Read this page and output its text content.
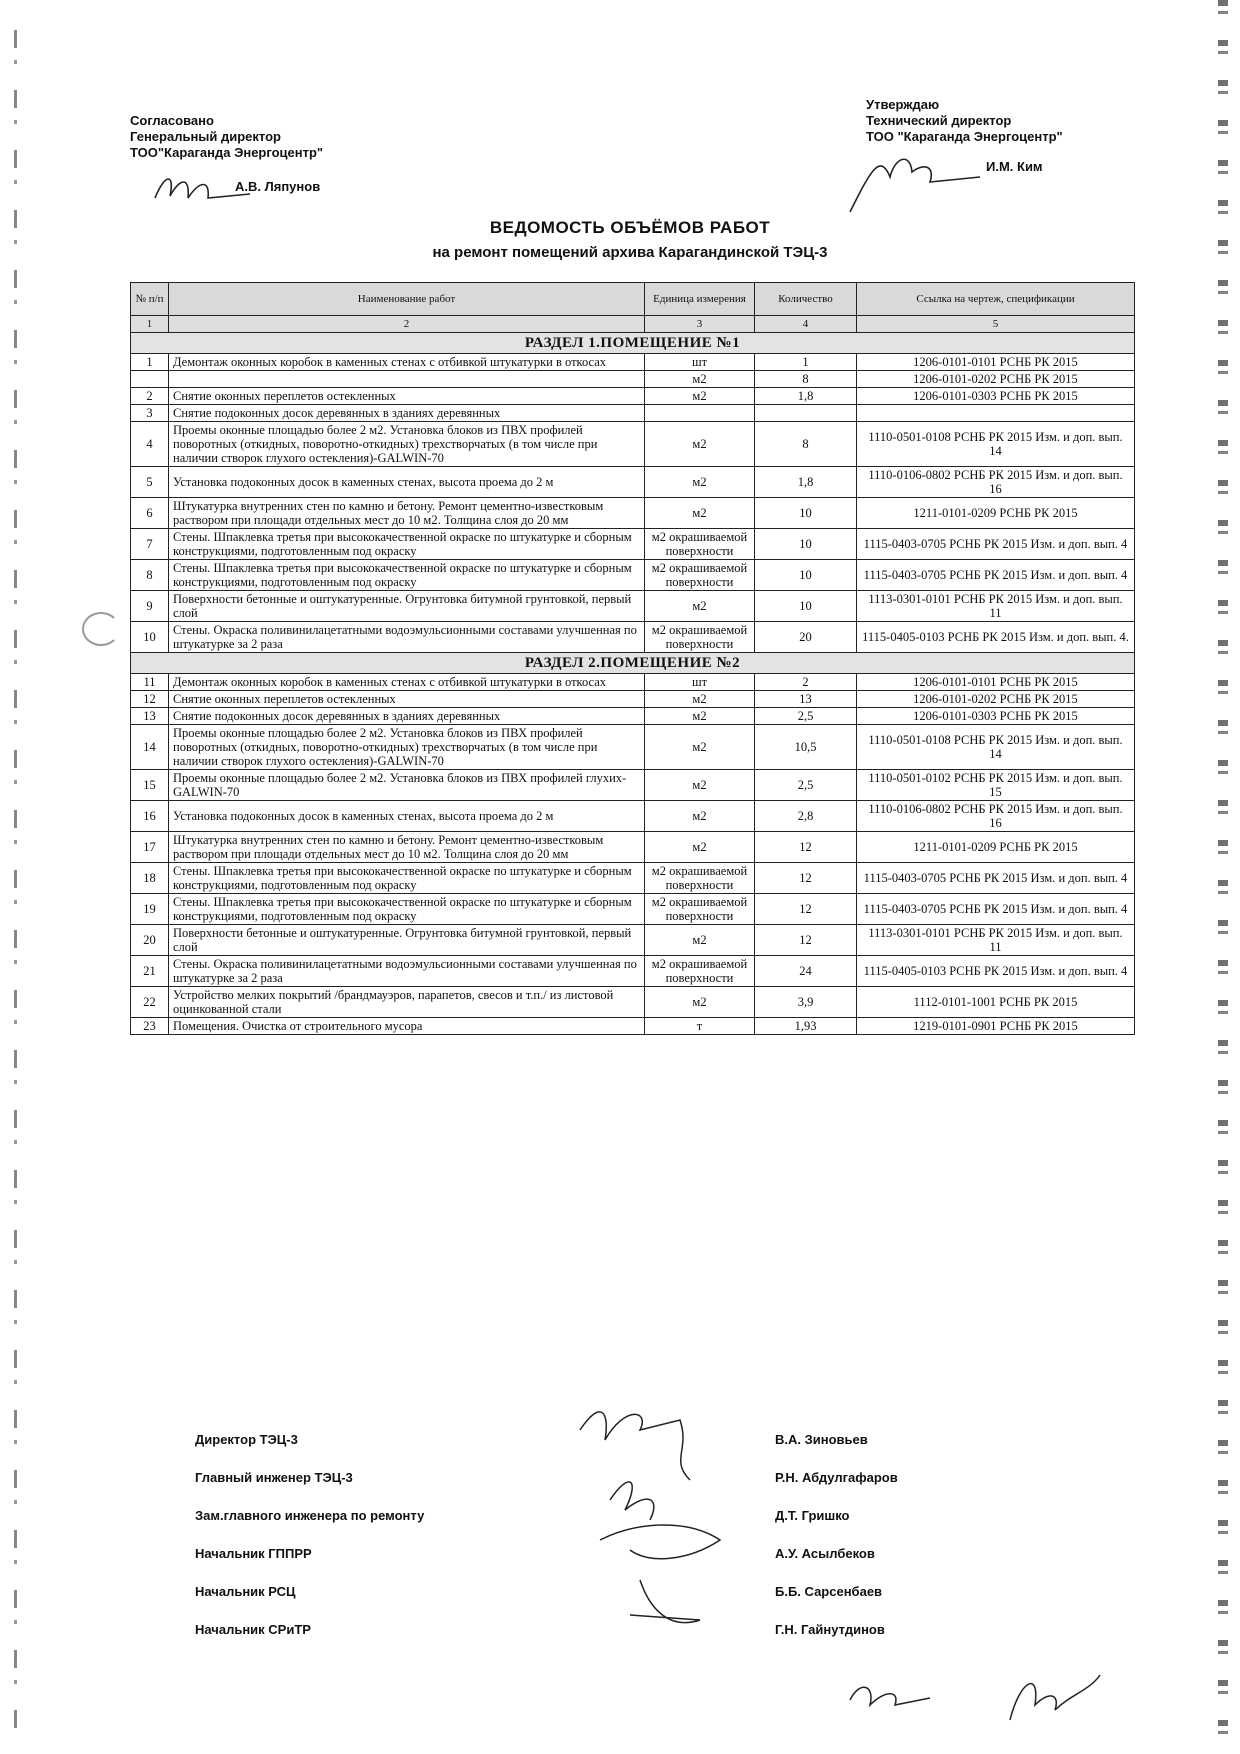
Согласовано
Генеральный директор
ТОО"Караганда Энергоцентр"
А.В. Ляпунов
Утверждаю
Технический директор
ТОО "Караганда Энергоцентр"
И.М. Ким
ВЕДОМОСТЬ ОБЪЁМОВ РАБОТ
на ремонт помещений архива Карагандинской ТЭЦ-3
№ п/п	Наименование работ	Единица измерения	Количество	Ссылка на чертеж, спецификации
1	2	3	4	5
РАЗДЕЛ 1.ПОМЕЩЕНИЕ №1				
1	Демонтаж оконных коробок в каменных стенах с отбивкой штукатурки в откосах	шт	1	1206-0101-0101 РСНБ РК 2015
		м2	8	1206-0101-0202 РСНБ РК 2015
2	Снятие оконных переплетов остекленных	м2	1,8	1206-0101-0303 РСНБ РК 2015
3	Снятие подоконных досок деревянных в зданиях деревянных			
4	Проемы оконные площадью более 2 м2. Установка блоков из ПВХ профилей поворотных (откидных, поворотно-откидных) трехстворчатых (в том числе при наличии створок глухого остекления)-GALWIN-70	м2	8	1110-0501-0108 РСНБ РК 2015 Изм. и доп. вып. 14
5	Установка подоконных досок в каменных стенах, высота проема до 2 м	м2	1,8	1110-0106-0802 РСНБ РК 2015 Изм. и доп. вып. 16
6	Штукатурка внутренних стен по камню и бетону. Ремонт цементно-известковым раствором при площади отдельных мест до 10 м2. Толщина слоя до 20 мм	м2	10	1211-0101-0209 РСНБ РК 2015
7	Стены. Шпаклевка третья при высококачественной окраске по штукатурке и сборным конструкциями, подготовленным под окраску	м2 окрашиваемой поверхности	10	1115-0403-0705 РСНБ РК 2015 Изм. и доп. вып. 4
8	Стены. Шпаклевка третья при высококачественной окраске по штукатурке и сборным конструкциями, подготовленным под окраску	м2 окрашиваемой поверхности	10	1115-0403-0705 РСНБ РК 2015 Изм. и доп. вып. 4
9	Поверхности бетонные и оштукатуренные. Огрунтовка битумной грунтовкой, первый слой	м2	10	1113-0301-0101 РСНБ РК 2015 Изм. и доп. вып. 11
10	Стены. Окраска поливинилацетатными водоэмульсионными составами улучшенная по штукатурке за 2 раза	м2 окрашиваемой поверхности	20	1115-0405-0103 РСНБ РК 2015 Изм. и доп. вып. 4.
РАЗДЕЛ 2.ПОМЕЩЕНИЕ №2				
11	Демонтаж оконных коробок в каменных стенах с отбивкой штукатурки в откосах	шт	2	1206-0101-0101 РСНБ РК 2015
12	Снятие оконных переплетов остекленных	м2	13	1206-0101-0202 РСНБ РК 2015
13	Снятие подоконных досок деревянных в зданиях деревянных	м2	2,5	1206-0101-0303 РСНБ РК 2015
14	Проемы оконные площадью более 2 м2. Установка блоков из ПВХ профилей поворотных (откидных, поворотно-откидных) трехстворчатых (в том числе при наличии створок глухого остекления)-GALWIN-70	м2	10,5	1110-0501-0108 РСНБ РК 2015 Изм. и доп. вып. 14
15	Проемы оконные площадью более 2 м2. Установка блоков из ПВХ профилей глухих-GALWIN-70	м2	2,5	1110-0501-0102 РСНБ РК 2015 Изм. и доп. вып. 15
16	Установка подоконных досок в каменных стенах, высота проема до 2 м	м2	2,8	1110-0106-0802 РСНБ РК 2015 Изм. и доп. вып. 16
17	Штукатурка внутренних стен по камню и бетону. Ремонт цементно-известковым раствором при площади отдельных мест до 10 м2. Толщина слоя до 20 мм	м2	12	1211-0101-0209 РСНБ РК 2015
18	Стены. Шпаклевка третья при высококачественной окраске по штукатурке и сборным конструкциями, подготовленным под окраску	м2 окрашиваемой поверхности	12	1115-0403-0705 РСНБ РК 2015 Изм. и доп. вып. 4
19	Стены. Шпаклевка третья при высококачественной окраске по штукатурке и сборным конструкциями, подготовленным под окраску	м2 окрашиваемой поверхности	12	1115-0403-0705 РСНБ РК 2015 Изм. и доп. вып. 4
20	Поверхности бетонные и оштукатуренные. Огрунтовка битумной грунтовкой, первый слой	м2	12	1113-0301-0101 РСНБ РК 2015 Изм. и доп. вып. 11
21	Стены. Окраска поливинилацетатными водоэмульсионными составами улучшенная по штукатурке за 2 раза	м2 окрашиваемой поверхности	24	1115-0405-0103 РСНБ РК 2015 Изм. и доп. вып. 4
22	Устройство мелких покрытий /брандмауэров, парапетов, свесов и т.п./ из листовой оцинкованной стали	м2	3,9	1112-0101-1001 РСНБ РК 2015
23	Помещения. Очистка от строительного мусора	т	1,93	1219-0101-0901 РСНБ РК 2015
Директор ТЭЦ-3	В.А. Зиновьев
Главный инженер ТЭЦ-3	Р.Н. Абдулгафаров
Зам.главного инженера по ремонту	Д.Т. Гришко
Начальник ГППРР	А.У. Асылбеков
Начальник РСЦ	Б.Б. Сарсенбаев
Начальник СРиТР	Г.Н. Гайнутдинов
